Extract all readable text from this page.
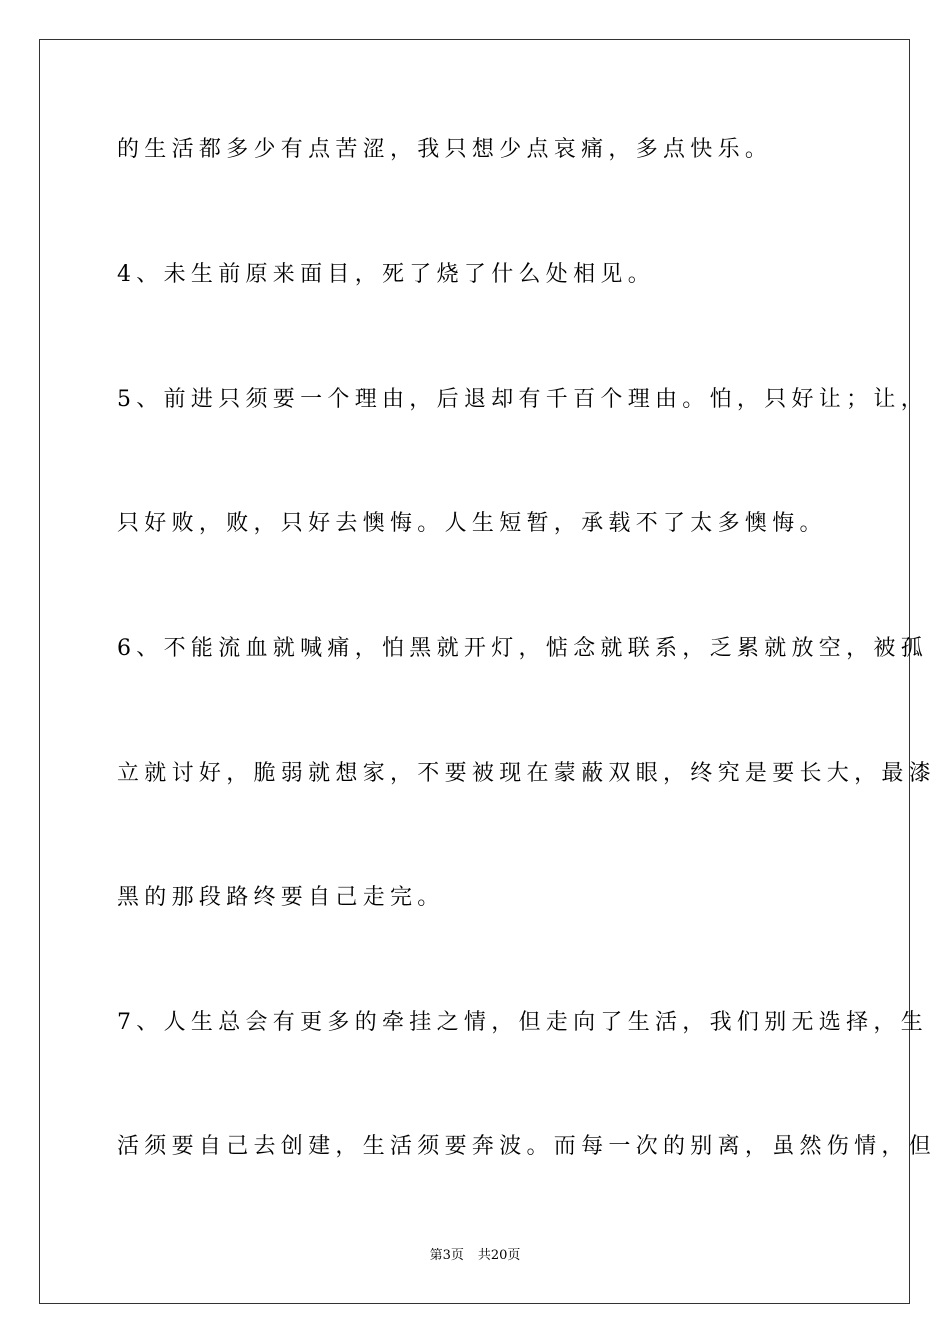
的生活都多少有点苦涩，我只想少点哀痛，多点快乐。
4、未生前原来面目，死了烧了什么处相见。
5、前进只须要一个理由，后退却有千百个理由。怕，只好让；让，
只好败，败，只好去懊悔。人生短暂，承载不了太多懊悔。
6、不能流血就喊痛，怕黑就开灯，惦念就联系，乏累就放空，被孤
立就讨好，脆弱就想家，不要被现在蒙蔽双眼，终究是要长大，最漆
黑的那段路终要自己走完。
7、人生总会有更多的牵挂之情，但走向了生活，我们别无选择，生
活须要自己去创建，生活须要奔波。而每一次的别离，虽然伤情，但
第3页 共20页
